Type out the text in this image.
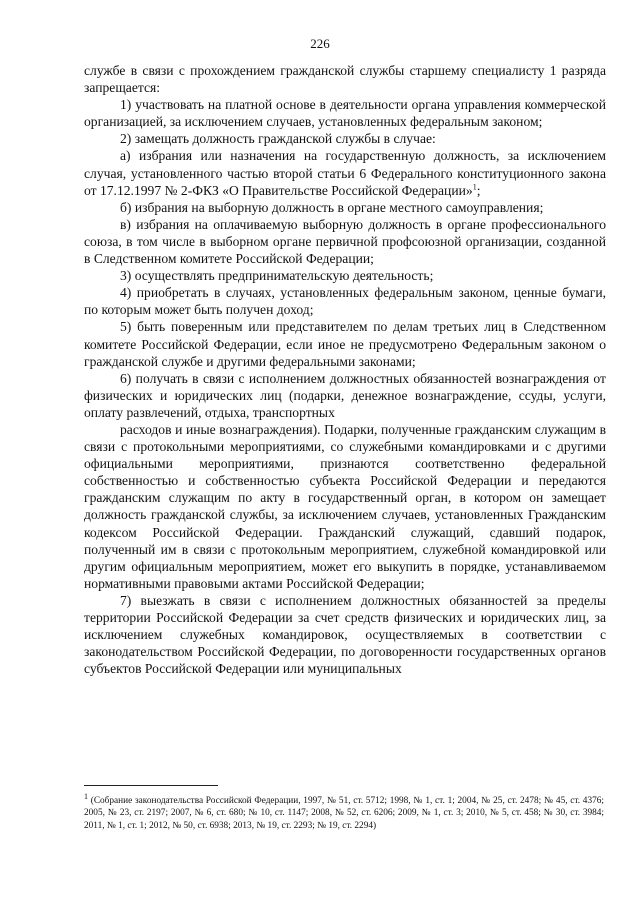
226

службе в связи с прохождением гражданской службы старшему специалисту 1 разряда запрещается:

1) участвовать на платной основе в деятельности органа управления коммерческой организацией, за исключением случаев, установленных федеральным законом;

2) замещать должность гражданской службы в случае:

а) избрания или назначения на государственную должность, за исключением случая, установленного частью второй статьи 6 Федерального конституционного закона от 17.12.1997 № 2-ФКЗ «О Правительстве Российской Федерации»$^1$;

б) избрания на выборную должность в органе местного самоуправления;

в) избрания на оплачиваемую выборную должность в органе профессионального союза, в том числе в выборном органе первичной профсоюзной организации, созданной в Следственном комитете Российской Федерации;

3) осуществлять предпринимательскую деятельность;

4) приобретать в случаях, установленных федеральным законом, ценные бумаги, по которым может быть получен доход;

5) быть поверенным или представителем по делам третьих лиц в Следственном комитете Российской Федерации, если иное не предусмотрено Федеральным законом о гражданской службе и другими федеральными законами;

6) получать в связи с исполнением должностных обязанностей вознаграждения от физических и юридических лиц (подарки, денежное вознаграждение, ссуды, услуги, оплату развлечений, отдыха, транспортных

расходов и иные вознаграждения). Подарки, полученные гражданским служащим в связи с протокольными мероприятиями, со служебными командировками и с другими официальными мероприятиями, признаются соответственно федеральной собственностью и собственностью субъекта Российской Федерации и передаются гражданским служащим по акту в государственный орган, в котором он замещает должность гражданской службы, за исключением случаев, установленных Гражданским кодексом Российской Федерации. Гражданский служащий, сдавший подарок, полученный им в связи с протокольным мероприятием, служебной командировкой или другим официальным мероприятием, может его выкупить в порядке, устанавливаемом нормативными правовыми актами Российской Федерации;

7) выезжать в связи с исполнением должностных обязанностей за пределы территории Российской Федерации за счет средств физических и юридических лиц, за исключением служебных командировок, осуществляемых в соответствии с законодательством Российской Федерации, по договоренности государственных органов субъектов Российской Федерации или муниципальных

$^1$ (Собрание законодательства Российской Федерации, 1997, № 51, ст. 5712; 1998, № 1, ст. 1; 2004, № 25, ст. 2478; № 45, ст. 4376; 2005, № 23, ст. 2197; 2007, № 6, ст. 680; № 10, ст. 1147; 2008, № 52, ст. 6206; 2009, № 1, ст. 3; 2010, № 5, ст. 458; № 30, ст. 3984; 2011, № 1, ст. 1; 2012, № 50, ст. 6938; 2013, № 19, ст. 2293; № 19, ст. 2294)
